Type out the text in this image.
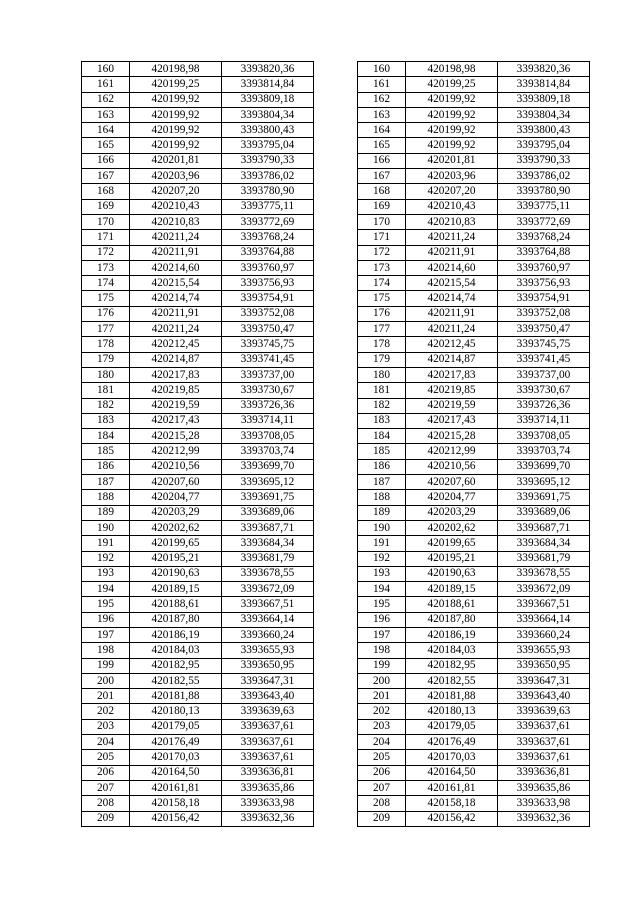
160	420198,98	3393820,36
161	420199,25	3393814,84
162	420199,92	3393809,18
163	420199,92	3393804,34
164	420199,92	3393800,43
165	420199,92	3393795,04
166	420201,81	3393790,33
167	420203,96	3393786,02
168	420207,20	3393780,90
169	420210,43	3393775,11
170	420210,83	3393772,69
171	420211,24	3393768,24
172	420211,91	3393764,88
173	420214,60	3393760,97
174	420215,54	3393756,93
175	420214,74	3393754,91
176	420211,91	3393752,08
177	420211,24	3393750,47
178	420212,45	3393745,75
179	420214,87	3393741,45
180	420217,83	3393737,00
181	420219,85	3393730,67
182	420219,59	3393726,36
183	420217,43	3393714,11
184	420215,28	3393708,05
185	420212,99	3393703,74
186	420210,56	3393699,70
187	420207,60	3393695,12
188	420204,77	3393691,75
189	420203,29	3393689,06
190	420202,62	3393687,71
191	420199,65	3393684,34
192	420195,21	3393681,79
193	420190,63	3393678,55
194	420189,15	3393672,09
195	420188,61	3393667,51
196	420187,80	3393664,14
197	420186,19	3393660,24
198	420184,03	3393655,93
199	420182,95	3393650,95
200	420182,55	3393647,31
201	420181,88	3393643,40
202	420180,13	3393639,63
203	420179,05	3393637,61
204	420176,49	3393637,61
205	420170,03	3393637,61
206	420164,50	3393636,81
207	420161,81	3393635,86
208	420158,18	3393633,98
209	420156,42	3393632,36
160	420198,98	3393820,36
161	420199,25	3393814,84
162	420199,92	3393809,18
163	420199,92	3393804,34
164	420199,92	3393800,43
165	420199,92	3393795,04
166	420201,81	3393790,33
167	420203,96	3393786,02
168	420207,20	3393780,90
169	420210,43	3393775,11
170	420210,83	3393772,69
171	420211,24	3393768,24
172	420211,91	3393764,88
173	420214,60	3393760,97
174	420215,54	3393756,93
175	420214,74	3393754,91
176	420211,91	3393752,08
177	420211,24	3393750,47
178	420212,45	3393745,75
179	420214,87	3393741,45
180	420217,83	3393737,00
181	420219,85	3393730,67
182	420219,59	3393726,36
183	420217,43	3393714,11
184	420215,28	3393708,05
185	420212,99	3393703,74
186	420210,56	3393699,70
187	420207,60	3393695,12
188	420204,77	3393691,75
189	420203,29	3393689,06
190	420202,62	3393687,71
191	420199,65	3393684,34
192	420195,21	3393681,79
193	420190,63	3393678,55
194	420189,15	3393672,09
195	420188,61	3393667,51
196	420187,80	3393664,14
197	420186,19	3393660,24
198	420184,03	3393655,93
199	420182,95	3393650,95
200	420182,55	3393647,31
201	420181,88	3393643,40
202	420180,13	3393639,63
203	420179,05	3393637,61
204	420176,49	3393637,61
205	420170,03	3393637,61
206	420164,50	3393636,81
207	420161,81	3393635,86
208	420158,18	3393633,98
209	420156,42	3393632,36
